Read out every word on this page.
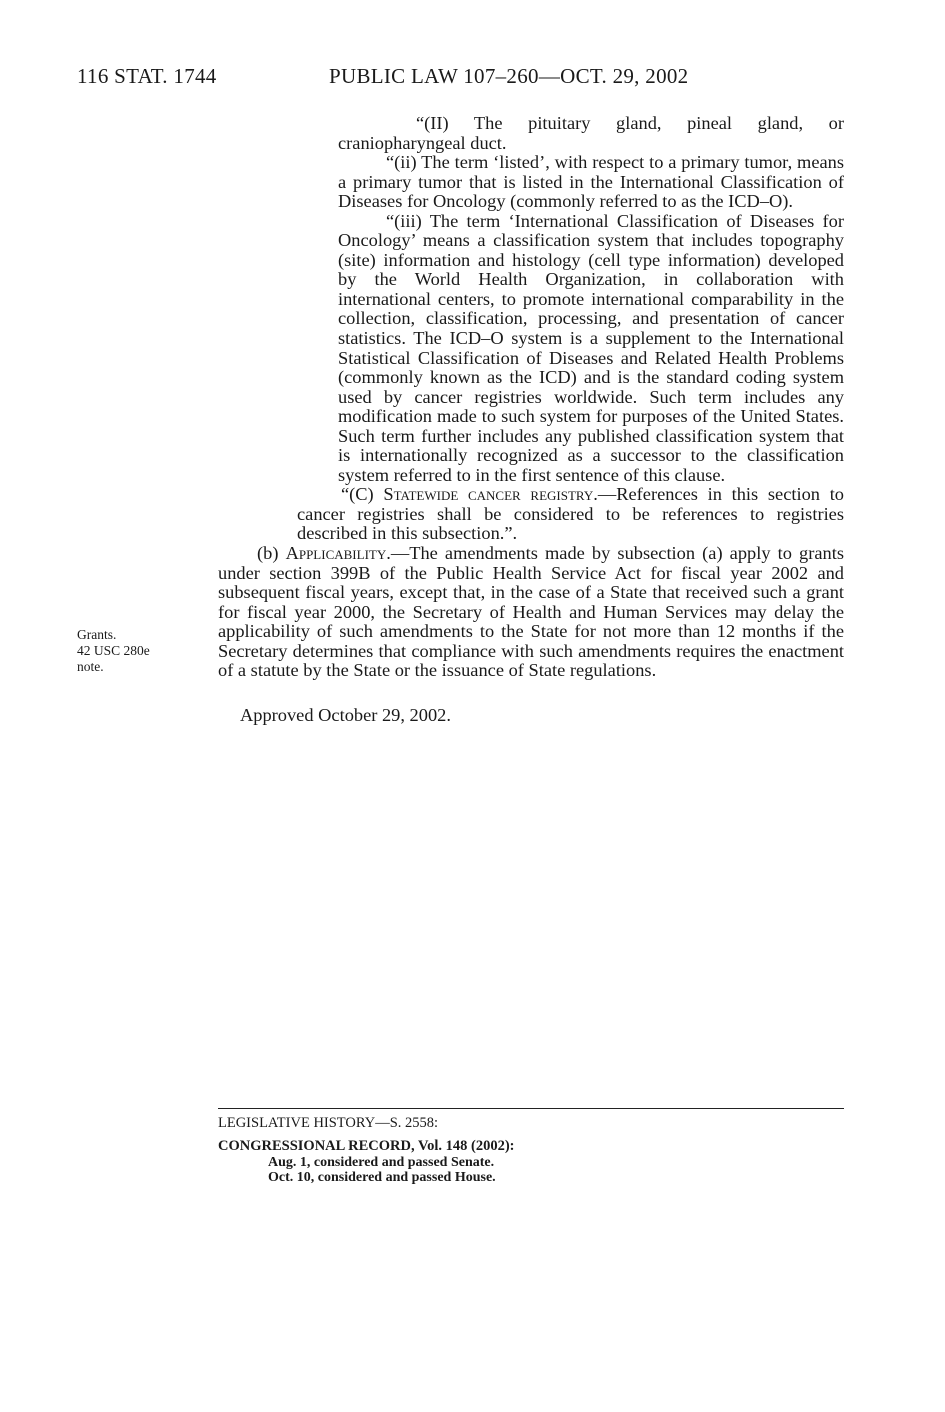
116 STAT. 1744	PUBLIC LAW 107–260—OCT. 29, 2002
Grants.
42 USC 280e
note.

“(II) The pituitary gland, pineal gland, or craniopharyngeal duct.

“(ii) The term ‘listed’, with respect to a primary tumor, means a primary tumor that is listed in the International Classification of Diseases for Oncology (commonly referred to as the ICD–O).

“(iii) The term ‘International Classification of Diseases for Oncology’ means a classification system that includes topography (site) information and histology (cell type information) developed by the World Health Organization, in collaboration with international centers, to promote international comparability in the collection, classification, processing, and presentation of cancer statistics. The ICD–O system is a supplement to the International Statistical Classification of Diseases and Related Health Problems (commonly known as the ICD) and is the standard coding system used by cancer registries worldwide. Such term includes any modification made to such system for purposes of the United States. Such term further includes any published classification system that is internationally recognized as a successor to the classification system referred to in the first sentence of this clause.

“(C) Statewide cancer registry.—References in this section to cancer registries shall be considered to be references to registries described in this subsection.”.

(b) Applicability.—The amendments made by subsection (a) apply to grants under section 399B of the Public Health Service Act for fiscal year 2002 and subsequent fiscal years, except that, in the case of a State that received such a grant for fiscal year 2000, the Secretary of Health and Human Services may delay the applicability of such amendments to the State for not more than 12 months if the Secretary determines that compliance with such amendments requires the enactment of a statute by the State or the issuance of State regulations.

Approved October 29, 2002.

LEGISLATIVE HISTORY—S. 2558:
CONGRESSIONAL RECORD, Vol. 148 (2002):
Aug. 1, considered and passed Senate.
Oct. 10, considered and passed House.
